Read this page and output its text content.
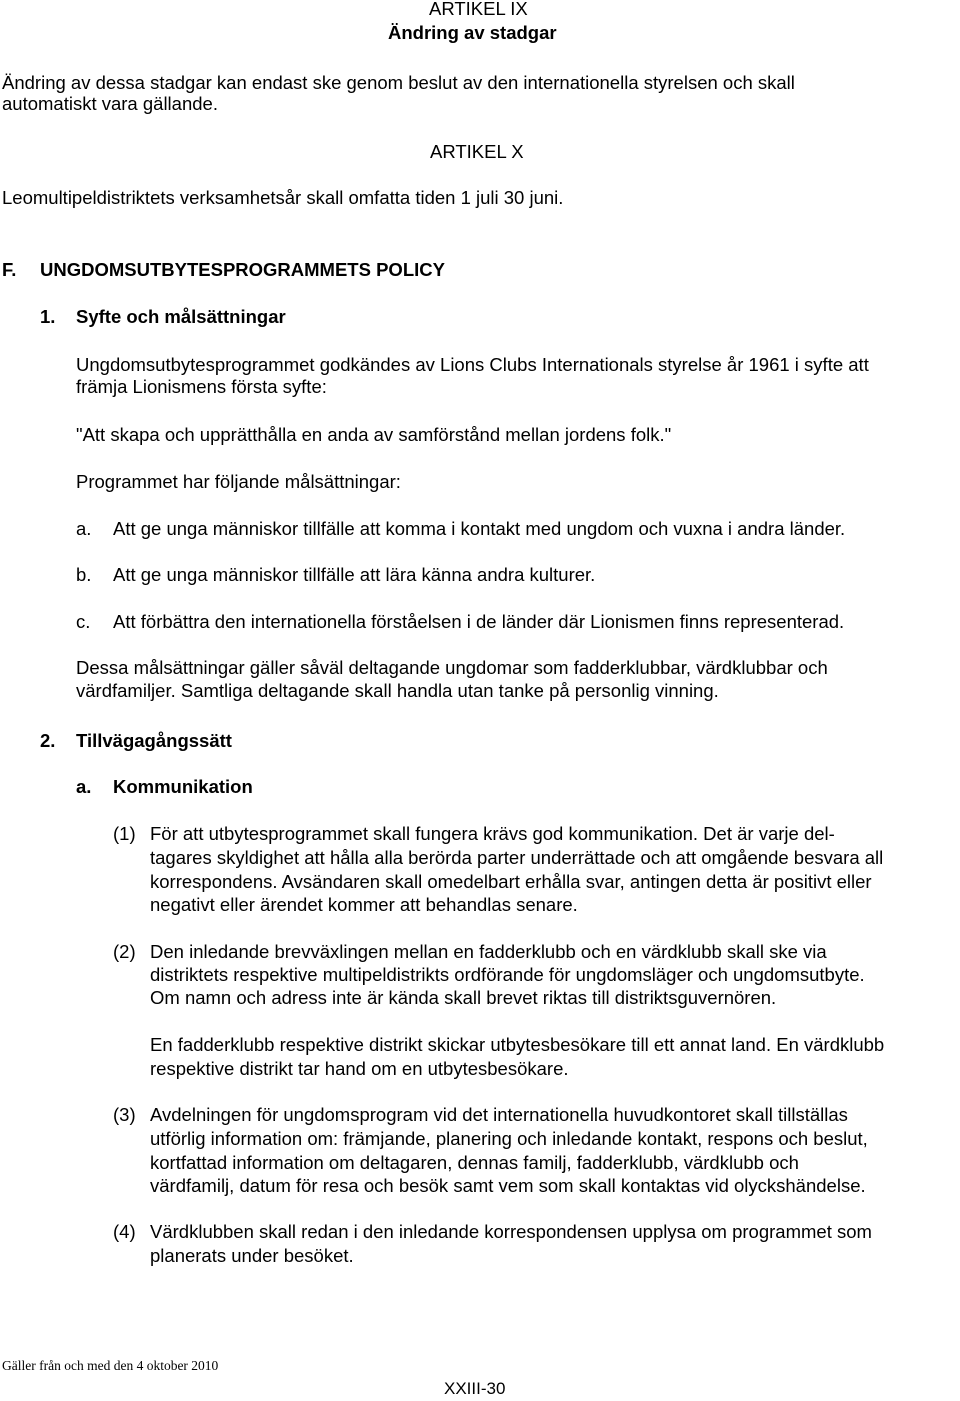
ARTIKEL IX
Ändring av stadgar
Ändring av dessa stadgar kan endast ske genom beslut av den internationella styrelsen och skall
automatiskt vara gällande.
ARTIKEL X
Leomultipeldistriktets verksamhetsår skall omfatta tiden 1 juli 30 juni.
F. UNGDOMSUTBYTESPROGRAMMETS POLICY
1. Syfte och målsättningar
Ungdomsutbytesprogrammet godkändes av Lions Clubs Internationals styrelse år 1961 i syfte att
främja Lionismens första syfte:
"Att skapa och upprätthålla en anda av samförstånd mellan jordens folk."
Programmet har följande målsättningar:
a. Att ge unga människor tillfälle att komma i kontakt med ungdom och vuxna i andra länder.
b. Att ge unga människor tillfälle att lära känna andra kulturer.
c. Att förbättra den internationella förståelsen i de länder där Lionismen finns representerad.
Dessa målsättningar gäller såväl deltagande ungdomar som fadderklubbar, värdklubbar och
värdfamiljer. Samtliga deltagande skall handla utan tanke på personlig vinning.
2. Tillvägagångssätt
a. Kommunikation
(1) För att utbytesprogrammet skall fungera krävs god kommunikation. Det är varje del-
tagares skyldighet att hålla alla berörda parter underrättade och att omgående besvara all
korrespondens. Avsändaren skall omedelbart erhålla svar, antingen detta är positivt eller
negativt eller ärendet kommer att behandlas senare.
(2) Den inledande brevväxlingen mellan en fadderklubb och en värdklubb skall ske via
distriktets respektive multipeldistrikts ordförande för ungdomsläger och ungdomsutbyte.
Om namn och adress inte är kända skall brevet riktas till distriktsguvernören.
En fadderklubb respektive distrikt skickar utbytesbesökare till ett annat land. En värdklubb
respektive distrikt tar hand om en utbytesbesökare.
(3) Avdelningen för ungdomsprogram vid det internationella huvudkontoret skall tillställas
utförlig information om: främjande, planering och inledande kontakt, respons och beslut,
kortfattad information om deltagaren, dennas familj, fadderklubb, värdklubb och
värdfamilj, datum för resa och besök samt vem som skall kontaktas vid olyckshändelse.
(4) Värdklubben skall redan i den inledande korrespondensen upplysa om programmet som
planerats under besöket.
Gäller från och med den 4 oktober 2010
XXIII-30
